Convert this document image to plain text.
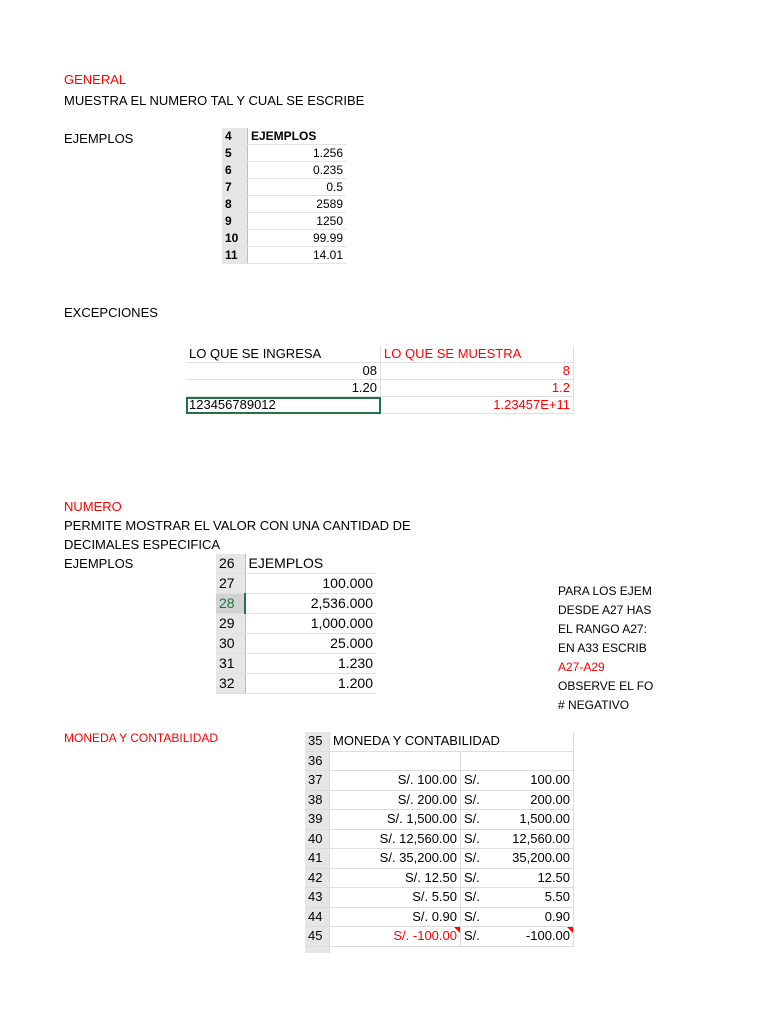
GENERAL
MUESTRA EL NUMERO TAL Y CUAL SE ESCRIBE
EJEMPLOS	4	EJEMPLOS
5	1.256
6	0.235
7	0.5
8	2589
9	1250
10	99.99
11	14.01
EXCEPCIONES
LO QUE SE INGRESA	LO QUE SE MUESTRA
08	8
1.20	1.2
123456789012	1.23457E+11
NUMERO
PERMITE MOSTRAR EL VALOR CON UNA CANTIDAD DE
DECIMALES ESPECIFICA
EJEMPLOS	26	EJEMPLOS
27	100.000
28	2,536.000
29	1,000.000
30	25.000
31	1.230
32	1.200
PARA LOS EJEM
DESDE A27 HAS
EL RANGO A27:
EN A33 ESCRIB
A27-A29
OBSERVE EL FO
# NEGATIVO
MONEDA Y CONTABILIDAD	35	MONEDA Y CONTABILIDAD	
36		
37	S/. 100.00	S/. 100.00

38	S/. 200.00	S/. 200.00

39	S/. 1,500.00	S/. 1,500.00

40	S/. 12,560.00	S/. 12,560.00

41	S/. 35,200.00	S/. 35,200.00

42	S/. 12.50	S/. 12.50

43	S/. 5.50	S/. 5.50

44	S/. 0.90	S/. 0.90

45	S/. -100.00	S/. -100.00
